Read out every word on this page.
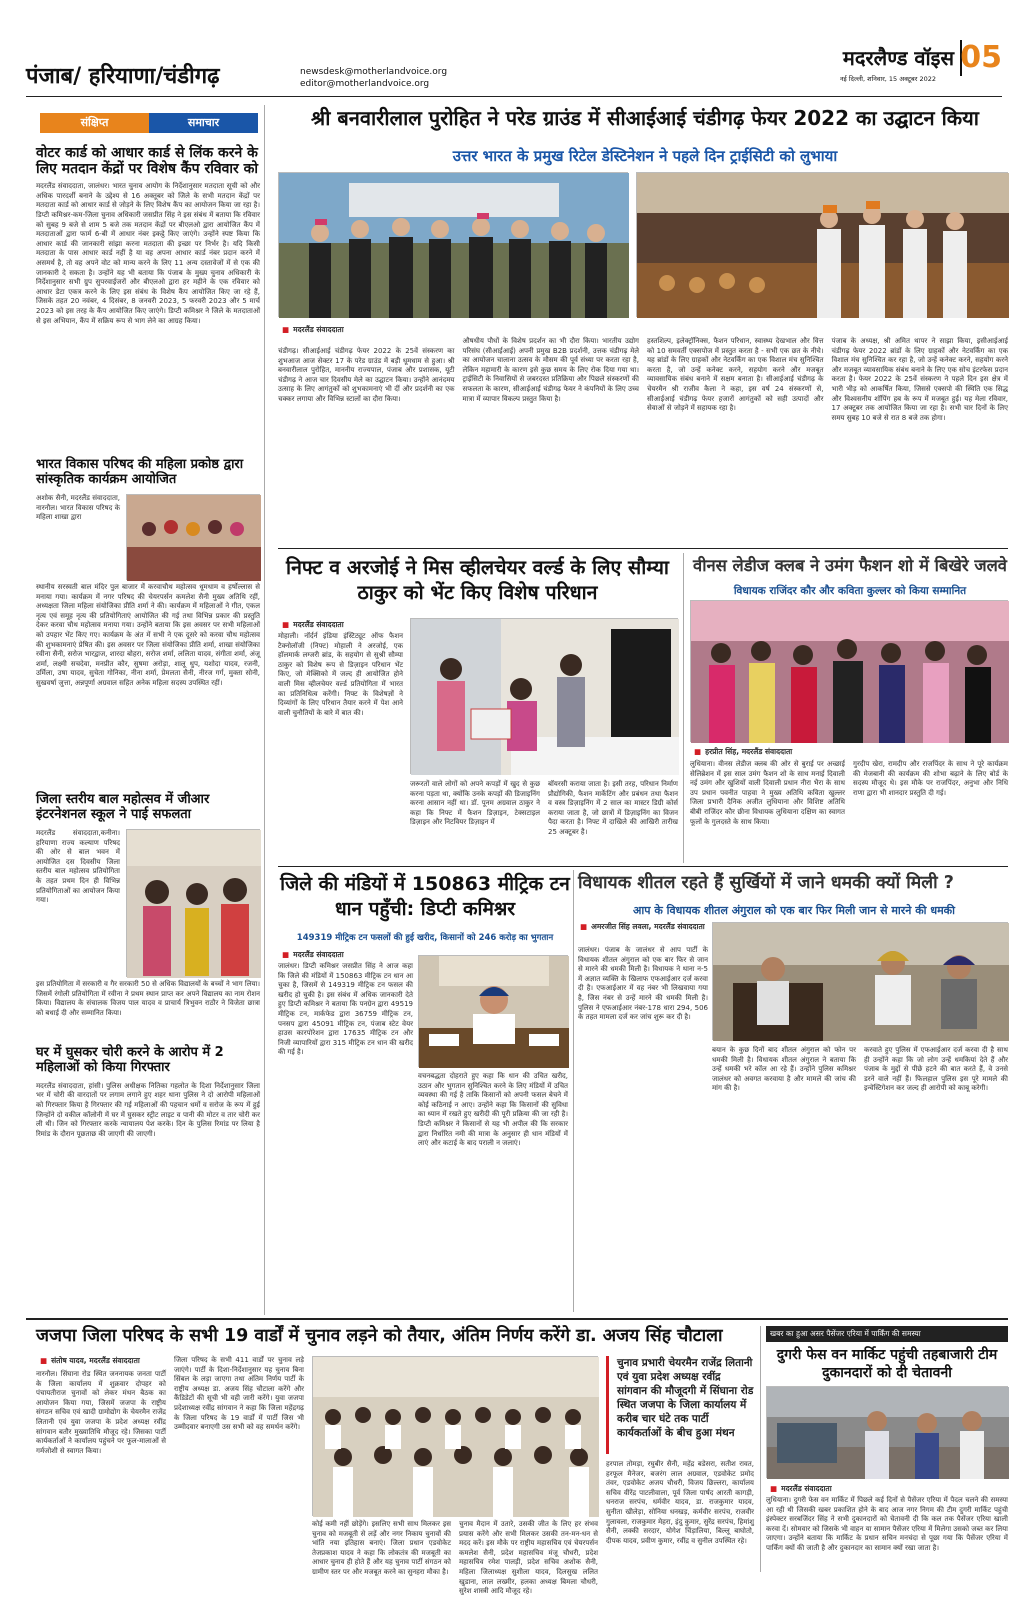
पंजाब/ हरियाणा/चंडीगढ़	newsdesk@motherlandvoice.org
editor@motherlandvoice.org
मदरलैण्ड वॉइस 05
नई दिल्ली, शनिवार, 15 अक्टूबर 2022
संक्षिप्त	समाचार
वोटर कार्ड को आधार कार्ड से लिंक करने के लिए मतदान केंद्रों पर विशेष कैंप रविवार को
मदरलैंड संवाददाता, जालंधर। भारत चुनाव आयोग के निर्देशानुसार मतदाता सूची को और अधिक पारदर्शी बनाने के उद्देश्य से 16 अक्तूबर को जिले के सभी मतदान केंद्रों पर मतदाता कार्ड को आधार कार्ड से जोड़ने के लिए विशेष कैंप का आयोजन किया जा रहा है। डिप्टी कमिश्नर-कम-जिला चुनाव अधिकारी जसप्रीत सिंह ने इस संबंध में बताया कि रविवार को सुबह 9 बजे से शाम 5 बजे तक मतदान केंद्रों पर बीएलओ द्वारा आयोजित कैंप में मतदाताओं द्वारा फार्म 6-बी में आधार नंबर इकट्ठे किए जाएंगे। उन्होंने स्पष्ट किया कि आधार कार्ड की जानकारी सांझा करना मतदाता की इच्छा पर निर्भर है। यदि किसी मतदाता के पास आधार कार्ड नहीं है या वह अपना आधार कार्ड नंबर प्रदान करने में असमर्थ है, तो वह अपने वोट को मान्य करने के लिए 11 अन्य दस्तावेजों में से एक की जानकारी दे सकता है। उन्होंने यह भी बताया कि पंजाब के मुख्य चुनाव अधिकारी के निर्देशानुसार सभी ग्रुप सुपरवाईजरों और बीएलओ द्वारा हर महीने के एक रविवार को आधार डेटा एकत्र करने के लिए इस संबंध के विशेष कैंप आयोजित किए जा रहे हैं, जिसके तहत 20 नवंबर, 4 दिसंबर, 8 जनवरी 2023, 5 फरवरी 2023 और 5 मार्च 2023 को इस तरह के कैंप आयोजित किए जाएंगे। डिप्टी कमिश्नर ने जिले के मतदाताओं से इस अभियान, कैंप में सक्रिय रूप से भाग लेने का आग्रह किया।
भारत विकास परिषद की महिला प्रकोष्ठ द्वारा सांस्कृतिक कार्यक्रम आयोजित
अशोक सैनी, मदरलैंड संवाददाता, नारनौल। भारत विकास परिषद के महिला शाखा द्वारा
स्थानीय सरस्वती बाल मंदिर पुल बाजार में करवाचौथ महोत्सव धूमधाम व हर्षोल्लास से मनाया गया। कार्यक्रम में नगर परिषद की चेयरपर्सन कमलेश सैनी मुख्य अतिथि रहीं, अध्यक्षता जिला महिला संयोजिका प्रीति शर्मा ने की। कार्यक्रम में महिलाओं ने गीत, एकल नृत्य एवं समूह नृत्य की प्रतियोगिताएं आयोजित की गई तथा विभिन्न प्रकार की प्रस्तुति देकर करवा चौथ महोत्सव मनाया गया। उन्होंने बताया कि इस अवसर पर सभी महिलाओं को उपहार भेंट किए गए। कार्यक्रम के अंत में सभी ने एक दूसरे को करवा चौथ महोत्सव की शुभकामनाएं प्रेषित की। इस अवसर पर जिला संयोजिका प्रीति शर्मा, शाखा संयोजिका रवीना सैनी, सरोज भारद्वाज, शारदा बोहरा, सरोज शर्मा, ललिता यादव, संगीता शर्मा, अंजू शर्मा, लक्ष्मी सचदेवा, मनप्रीत कौर, सुषमा अरोड़ा, शालू धुप, यशोदा यादव, रजनी, उर्मिला, उषा यादव, सुचेता गोनिका, नीना शर्मा, प्रेमलता सैनी, नीरज गर्ग, मुक्ता सोनी, सुखवर्षा जुत्ता, अन्नपूर्णा अग्रवाल सहित अनेक महिला सदस्य उपस्थित रहीं।
जिला स्तरीय बाल महोत्सव में जीआर इंटरनेशनल स्कूल ने पाई सफलता
मदरलैंड संवाददाता,कनीना। हरियाणा राज्य कल्याण परिषद की ओर से बाल भवन में आयोजित दस दिवसीय जिला स्तरीय बाल महोत्सव प्रतियोगिता के तहत प्रथम दिन ही विभिन्न प्रतियोगिताओं का आयोजन किया गया।
इस प्रतियोगिता में सरकारी व गैर सरकारी 50 से अधिक विद्यालयों के बच्चों ने भाग लिया। जिसमें रंगोली प्रतियोगिता में रवीना ने प्रथम स्थान प्राप्त कर अपने विद्यालय का नाम रोशन किया। विद्यालय के संचालक विजय पाल यादव व प्राचार्य त्रिभुवन राठौर ने विजेता छात्रा को बधाई दी और सम्मानित किया।
घर में घुसकर चोरी करने के आरोप में 2 महिलाओं को किया गिरफ्तार
मदरलैंड संवाददाता, हांसी। पुलिस अधीक्षक नितिका गहलोत के दिशा निर्देशानुसार जिला भर में चोरी की वारदातों पर लगाम लगाने हुए शहर थाना पुलिस ने दो आरोपी महिलाओं को गिरफ्तार किया है गिरफ्तार की गई महिलाओं की पहचान धर्मो व सरोज के रूप में हुई जिन्होंने दो वकील कॉलोनी में घर में घुसकर स्ट्रीट लाइट व पानी की मोटर व तार चोरी कर ली थी। जिन को गिरफ्तार करके न्यायालय पेश करके। दिन के पुलिस रिमांड पर लिया है रिमांड के दौरान पूछताछ की जाएगी की जाएगी।
श्री बनवारीलाल पुरोहित ने परेड ग्राउंड में सीआईआई चंडीगढ़ फेयर 2022 का उद्घाटन किया
उत्तर भारत के प्रमुख रिटेल डेस्टिनेशन ने पहले दिन ट्राईसिटी को लुभाया
■ मदरलैंड संवाददाता
चंडीगढ़। सीआईआई चंडीगढ़ फेयर 2022 के 25वें संस्करण का शुभआज आज सेक्टर 17 के परेड ग्राउंड में बड़ी धूमधाम से हुआ। श्री बनवारीलाल पुरोहित, माननीय राज्यपाल, पंजाब और प्रशासक, यूटी चंडीगढ़ ने आज चार दिवसीय मेले का उद्घाटन किया। उन्होंने आनंदमय उत्साह के लिए आगंतुकों को शुभकामनाएं भी दीं और प्रदर्शनी का एक चक्कर लगाया और विभिन्न स्टालों का दौरा किया।
औषधीय पौधों के विशेष प्रदर्शन का भी दौरा किया। भारतीय उद्योग परिसंघ (सीआईआई) अपनी प्रमुख B2B प्रदर्शनी, उत्तक चंडीगढ़ मेले का आयोजन चालाना उत्सव के मौसम की पूर्व संध्या पर करता रहा है, लेकिन महामारी के कारण इसे कुछ समय के लिए रोक दिया गया था। ट्राईसिटी के निवासियों से जबरदस्त प्रतिक्रिया और पिछले संस्करणों की सफलता के कारण, सीआईआई चंडीगढ़ फेयर ने कंपनियों के लिए उच्च मात्रा में व्यापार विकल्प प्रस्तुत किया है।
हस्तशिल्प, इलेक्ट्रॉनिक्स, फैशन परिधान, स्वास्थ्य देखभाल और वित्त को 10 समवर्ती एक्सपोज में प्रस्तुत करता है - सभी एक छत के नीचे। यह ब्रांडों के लिए ग्राहकों और नेटवर्किंग का एक विशाल मंच सुनिश्चित करता है, जो उन्हें कनेक्ट करने, सहयोग करने और मजबूत व्यावसायिक संबंध बनाने में सक्षम बनाता है। सीआईआई चंडीगढ़ के चेयरमैन श्री राजीव कैला ने कहा, इस वर्ष 24 संस्करणों से, सीआईआई चंडीगढ़ फेयर हजारों आगंतुकों को सही उत्पादों और सेवाओं से जोड़ने में सहायक रहा है।
पंजाब के अध्यक्ष, श्री अमित थापर ने साझा किया, इसीआईआई चंडीगढ़ फेयर 2022 ब्रांडों के लिए ग्राहकों और नेटवर्किंग का एक विशाल मंच सुनिश्चित कर रहा है, जो उन्हें कनेक्ट करने, सहयोग करने और मजबूत व्यावसायिक संबंध बनाने के लिए एक सोच इंटरफेस प्रदान करता है। फेयर 2022 के 25वें संस्करण ने पहले दिन इस क्षेत्र में भारी भीड़ को आकर्षित किया, जिससे एक्सपो की स्थिति एक सिद्ध और विश्वसनीय शॉपिंग हब के रूप में मजबूत हुई। यह मेला रविवार, 17 अक्टूबर तक आयोजित किया जा रहा है। सभी चार दिनों के लिए समय सुबह 10 बजे से रात 8 बजे तक होगा।
निफ्ट व अरजोई ने मिस व्हीलचेयर वर्ल्ड के लिए सौम्या ठाकुर को भेंट किए विशेष परिधान
■ मदरलैंड संवाददाता
मोहाली। नॉर्दर्न इंडिया इंस्टिट्यूट ऑफ फैशन टैक्नोलॉजी (निफ्ट) मोहाली ने अरजोई, एक हॉलमार्क लग्जरी ब्रांड, के सहयोग से सुश्री सौम्या ठाकुर को विशेष रूप से डिज़ाइन परिधान भेंट किए, जो मेक्सिको में जल्द ही आयोजित होने वाली मिस व्हीलचेयर वर्ल्ड प्रतियोगिता में भारत का प्रतिनिधित्व करेंगी। निफ्ट के विशेषज्ञों ने दिव्यांगों के लिए परिधान तैयार करने में पेश आने वाली चुनौतियों के बारे में बात की।
जरूरतों वाले लोगों को अपने कपड़ों में खुद से कुछ करना पड़ता था, क्योंकि उनके कपड़ों की डिजाइनिंग करना आसान नहीं था। डॉ. पूनम अग्रवाल ठाकुर ने कहा कि निफ्ट में फैशन डिज़ाइन, टेक्सटाइल डिज़ाइन और निटवियर डिज़ाइन में
बॉयरसी कराया जाता है। इसी तरह, परिधान निर्माण प्रौद्योगिकी, फैशन मार्केटिंग और प्रबंधन तथा फैशन व वस्त्र डिज़ाइनिंग में 2 साल का मास्टर डिग्री कोर्स कराया जाता है, जो छात्रों में डिज़ाइनिंग का विजन पैदा करता है। निफ्ट में दाखिले की आखिरी तारीख 25 अक्टूबर है।
वीनस लेडीज क्लब ने उमंग फैशन शो में बिखेरे जलवे
विधायक राजिंदर कौर और कविता कुल्लर को किया सम्मानित
■ हरप्रीत सिंह, मदरलैंड संवाददाता
लुधियाना। वीनस लेडीज क्लब की ओर से बुराई पर अच्छाई सेलिब्रेशन में इस साल उमंग फैशन शो के साथ मनाई दिवाली नई उमंग और खुशियों वाली दिवाली प्रधान नीरा भैरा के साथ उप प्रधान पवनीत पाहवा ने मुख्य अतिथि कविता खुल्लर जिला प्रभारी दैनिक अजीत लुधियाना और विशिष्ट अतिथि बीबी राजिंदर कौर छीना विधायक लुधियाना दक्षिण का स्वागत फूलों के गुलदस्ते के साथ किया।
गुरदीप खेरा, रामदीप और राजपिंदर के साथ ने पूरे कार्यक्रम की मेजबानी की कार्यक्रम की शोभा बढ़ाने के लिए बोर्ड के सदस्य मौजूद थे। इस मौके पर राजपिंदर, अनुभा और निधि राणा द्वारा भी शानदार प्रस्तुति दी गई।
जिले की मंडियों में 150863 मीट्रिक टन धान पहुँची: डिप्टी कमिश्नर
149319 मीट्रिक टन फसलों की हुई खरीद, किसानों को 246 करोड़ का भुगतान
■ मदरलैंड संवाददाता
जालंधर। डिप्टी कमिश्नर जसप्रीत सिंह ने आज कहा कि जिले की मंडियों में 150863 मीट्रिक टन धान आ चुका है, जिसमें से 149319 मीट्रिक टन फसल की खरीद हो चुकी है। इस संबंध में अधिक जानकारी देते हुए डिप्टी कमिश्नर ने बताया कि पनग्रेन द्वारा 49519 मीट्रिक टन, मार्कफेड द्वारा 36759 मीट्रिक टन, पनसप द्वारा 45091 मीट्रिक टन, पंजाब स्टेट वेयर हाउस कारपोरेशन द्वारा 17635 मीट्रिक टन और निजी व्यापारियों द्वारा 315 मीट्रिक टन धान की खरीद की गई है।
वचनबद्धता दोहराते हुए कहा कि धान की उचित खरीद, उठान और भुगतान सुनिश्चित करने के लिए मंडियों में उचित व्यवस्था की गई है ताकि किसानों को अपनी फसल बेचने में कोई कठिनाई न आए। उन्होंने कहा कि किसानों की सुविधा का ध्यान में रखते हुए खरीदी की पूरी प्रक्रिया की जा रही है। डिप्टी कमिश्नर ने किसानों से यह भी अपील की कि सरकार द्वारा निर्धारित नमी की मात्रा के अनुसार ही धान मंडियों में लाएं और कटाई के बाद पराली न जलाएं।
विधायक शीतल रहते हैं सुर्खियों में जाने धमकी क्यों मिली ?
आप के विधायक शीतल अंगुराल को एक बार फिर मिली जान से मारने की धमकी
■ अमरजीत सिंह लवला, मदरलैंड संवाददाता
जालंधर। पंजाब के जालंधर से आप पार्टी के विधायक शीतल अंगुराल को एक बार फिर से जान से मारने की धमकी मिली है। विधायक ने थाना न-5 में अज्ञात व्यक्ति के खिलाफ एफआईआर दर्ज करवा दी है। एफआईआर में वह नंबर भी लिखवाया गया है, जिस नंबर से उन्हें मारने की धमकी मिली है। पुलिस ने एफआईआर नंबर-178 धारा 294, 506 के तहत मामला दर्ज कर जांच शुरू कर दी है।
बयान के कुछ दिनों बाद शीतल अंगुराल को फोन पर धमकी मिली है। विधायक शीतल अंगुराल ने बताया कि उन्हें धमकी भरे कॉल आ रहे हैं। उन्होंने पुलिस कमिश्नर जालंधर को अवगत करवाया है और मामले की जांच की मांग की है।
करवाते हुए पुलिस में एफआईआर दर्ज करवा दी है साथ ही उन्होंने कहा कि जो लोग उन्हें धमकियां देते हैं और पंजाब के मुद्दों से पीछे हटने की बात करते हैं, वे उनसे डरने वाले नहीं हैं। फिलहाल पुलिस इस पूरे मामले की इन्वेस्टिगेशन कर जल्द ही आरोपी को काबू करेगी।
जजपा जिला परिषद के सभी 19 वार्डों में चुनाव लड़ने को तैयार, अंतिम निर्णय करेंगे डा. अजय सिंह चौटाला
■ संतोष यादव, मदरलैंड संवाददाता
नारनौल। सिंघाना रोड स्थित जननायक जनता पार्टी के जिला कार्यालय में शुक्रवार दोपहर को पंचायतीराज चुनावों को लेकर मंथन बैठक का आयोजन किया गया, जिसमें जजपा के राष्ट्रीय संगठन सचिव एवं खादी ग्रामोद्योग के चेयरमैन राजेंद्र लितानी एवं युवा जजपा के प्रदेश अध्यक्ष रवींद्र सांगवान बतौर मुख्यातिथि मौजूद रहे। जिसका पार्टी कार्यकर्ताओं ने कार्यालय पहुंचने पर फूल-मालाओं से गर्मजोशी से स्वागत किया।
जिला परिषद के सभी 411 वार्डों पर चुनाव लड़े जाएंगे। पार्टी के दिशा-निर्देशानुसार यह चुनाव बिना सिंबल के लड़ा जाएगा तथा अंतिम निर्णय पार्टी के राष्ट्रीय अध्यक्ष डा. अजय सिंह चौटाला करेंगे और कैंडिडेटों की सूची भी वही जारी करेंगे। युवा जजपा प्रदेशाध्यक्ष रवींद्र सांगवान ने कहा कि जिला महेंद्रगढ़ के जिला परिषद के 19 वार्डों में पार्टी जिस भी उम्मीदवार बनाएगी उस सभी को वह समर्थन करेंगे।
कोई कमी नहीं छोड़ेंगे। इसलिए सभी साथ मिलकर इस चुनाव को मजबूती से लड़ें और नगर निकाय चुनावों की भांति नया इतिहास बनाएं। जिला प्रधान एडवोकेट तेजप्रकाश यादव ने कहा कि लोकतंत्र की मजबूती का आधार चुनाव ही होते हैं और यह चुनाव पार्टी संगठन को ग्रामीण स्तर पर और मजबूत करने का सुनहरा मौका है।
चुनाव मैदान में उतारे, उसकी जीत के लिए हर संभव प्रयास करेंगे और सभी मिलकर उसकी तन-मन-धन से मदद करें। इस मौके पर राष्ट्रीय महासचिव एवं चेयरपर्सन कमलेश सैनी, प्रदेश महासचिव मंजू चौधरी, प्रदेश महासचिव रमेश पालड़ी, प्रदेश सचिव अशोक सैनी, महिला जिलाध्यक्ष सुशीला यादव, दिलसुख ललित खुडाना, लाल लख्मीर, हलका अध्यक्ष बिमला चौधरी, सुरेश शास्त्री आदि मौजूद रहे।
चुनाव प्रभारी चेयरमैन राजेंद्र लितानी एवं युवा प्रदेश अध्यक्ष रवींद्र सांगवान की मौजूदगी में सिंघाना रोड स्थित जजपा के जिला कार्यालय में करीब चार घंटे तक पार्टी कार्यकर्ताओं के बीच हुआ मंथन
हरपाल तोमड़ा, रघुबीर सैनी, महेंद्र बडेसरा, सतीश रावत, हरफूल मैनेजर, बजरंग लाल अग्रवाल, एडवोकेट प्रमोद तंवर, एडवोकेट अजय चौधरी, विजय छिल्लरा, कार्यालय सचिव वीरेंद्र पाटलीवाला, पूर्व जिला पार्षद आरती कागड़ी, धनराज सरपंच, धर्मवीर यादव, डा. राजकुमार यादव, सुनीता खीलेड़ा, सोनिया धनखड़, कर्मवीर सरपंच, राजवीर गुलावला, राजकुमार मेहरा, इंदु कुमार, सुरेंद्र सरपंच, हिमांशु सैनी, लक्की सरदार, योगेश चिंड़ालिया, बिल्लू बाघोतो, दीपक यादव, प्रवीण कुमार, रवींद्र व सुनील उपस्थित रहे।
खबर का हुआ असर पैसेंजर एरिया में पार्किंग की समस्या
दुगरी फेस वन मार्किट पहुंची तहबाजारी टीम दुकानदारों को दी चेतावनी
■ मदरलैंड संवाददाता
लुधियाना। दुगरी फेस वन मार्किट में पिछले कई दिनों से पैसेंजर एरिया में पैदल चलने की समस्या आ रही थी जिसकी खबर प्रकाशित होने के बाद आज नगर निगम की टीम दुगरी मार्किट पहुंची इंस्पेक्टर सरबजिंदर सिंह ने सभी दुकानदारों को चेतावनी दी कि कल तक पैसेंजर एरिया खाली करवा दें। सोमवार को जिसके भी वाहन या सामान पैसेंजर एरिया में मिलेगा उसको जब्त कर लिया जाएगा। उन्होंने बताया कि मार्किट के प्रधान सचिन मनचंदा से पूछा गया कि पैसेंजर एरिया में पार्किंग क्यों की जाती है और दुकानदार का सामान क्यों रखा जाता है।
